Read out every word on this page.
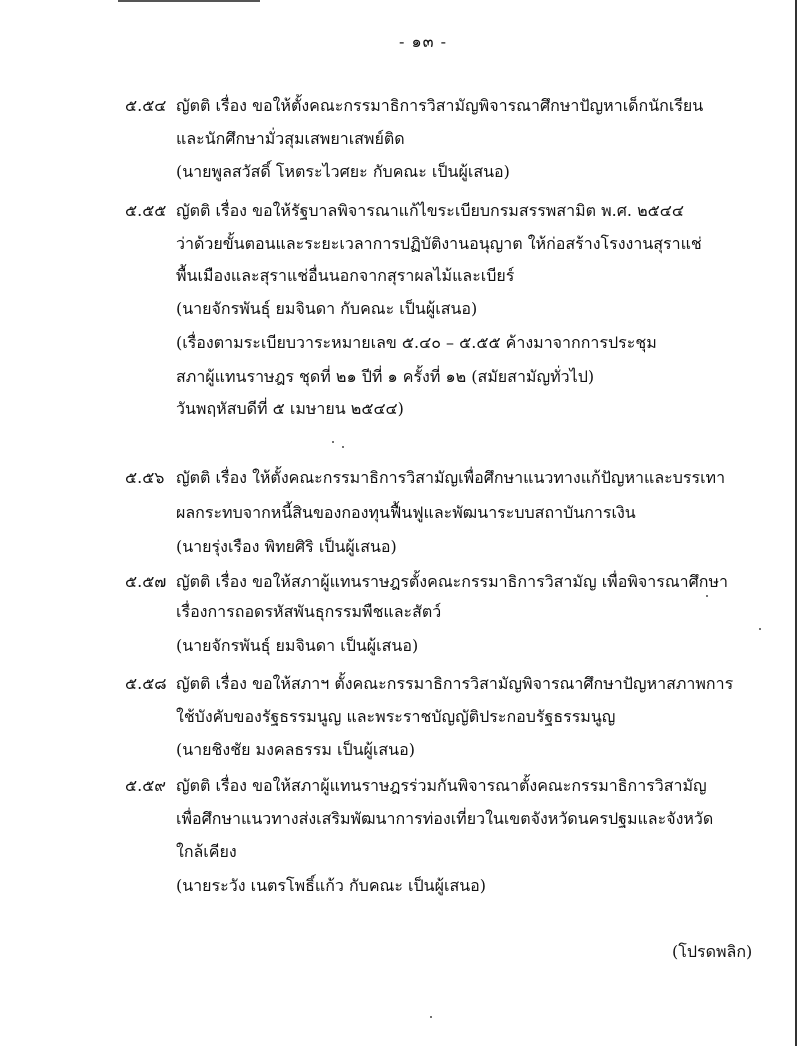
- ๑๓ -
๕.๕๔ ญัตติ เรื่อง ขอให้ตั้งคณะกรรมาธิการวิสามัญพิจารณาศึกษาปัญหาเด็กนักเรียน
และนักศึกษามั่วสุมเสพยาเสพย์ติด
(นายพูลสวัสดิ์ โหตระไวศยะ กับคณะ เป็นผู้เสนอ)
๕.๕๕ ญัตติ เรื่อง ขอให้รัฐบาลพิจารณาแก้ไขระเบียบกรมสรรพสามิต พ.ศ. ๒๕๔๔
ว่าด้วยขั้นตอนและระยะเวลาการปฏิบัติงานอนุญาต ให้ก่อสร้างโรงงานสุราแช่
พื้นเมืองและสุราแช่อื่นนอกจากสุราผลไม้และเบียร์
(นายจักรพันธุ์ ยมจินดา กับคณะ เป็นผู้เสนอ)
(เรื่องตามระเบียบวาระหมายเลข ๕.๔๐ – ๕.๕๕ ค้างมาจากการประชุม
สภาผู้แทนราษฎร ชุดที่ ๒๑ ปีที่ ๑ ครั้งที่ ๑๒ (สมัยสามัญทั่วไป)
วันพฤหัสบดีที่ ๕ เมษายน ๒๕๔๔)
๕.๕๖ ญัตติ เรื่อง ให้ตั้งคณะกรรมาธิการวิสามัญเพื่อศึกษาแนวทางแก้ปัญหาและบรรเทา
ผลกระทบจากหนี้สินของกองทุนฟื้นฟูและพัฒนาระบบสถาบันการเงิน
(นายรุ่งเรือง พิทยศิริ เป็นผู้เสนอ)
๕.๕๗ ญัตติ เรื่อง ขอให้สภาผู้แทนราษฎรตั้งคณะกรรมาธิการวิสามัญ เพื่อพิจารณาศึกษา
เรื่องการถอดรหัสพันธุกรรมพืชและสัตว์
(นายจักรพันธุ์ ยมจินดา เป็นผู้เสนอ)
๕.๕๘ ญัตติ เรื่อง ขอให้สภาฯ ตั้งคณะกรรมาธิการวิสามัญพิจารณาศึกษาปัญหาสภาพการ
ใช้บังคับของรัฐธรรมนูญ และพระราชบัญญัติประกอบรัฐธรรมนูญ
(นายชิงชัย มงคลธรรม เป็นผู้เสนอ)
๕.๕๙ ญัตติ เรื่อง ขอให้สภาผู้แทนราษฎรร่วมกันพิจารณาตั้งคณะกรรมาธิการวิสามัญ
เพื่อศึกษาแนวทางส่งเสริมพัฒนาการท่องเที่ยวในเขตจังหวัดนครปฐมและจังหวัด
ใกล้เคียง
(นายระวัง เนตรโพธิ์แก้ว กับคณะ เป็นผู้เสนอ)
(โปรดพลิก)
